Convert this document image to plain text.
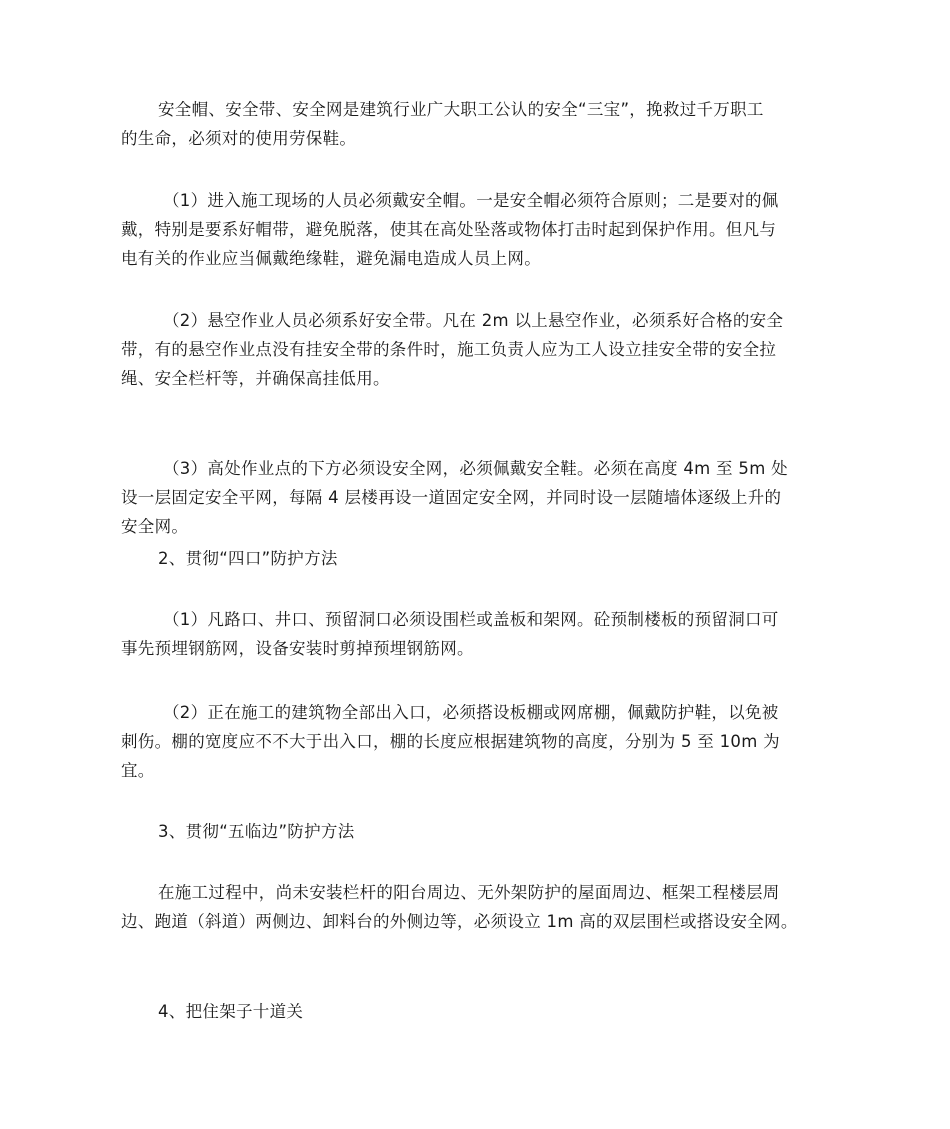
安全帽、安全带、安全网是建筑行业广大职工公认的安全“三宝”，挽救过千万职工
的生命，必须对的使用劳保鞋。
（1）进入施工现场的人员必须戴安全帽。一是安全帽必须符合原则；二是要对的佩
戴，特别是要系好帽带，避免脱落，使其在高处坠落或物体打击时起到保护作用。但凡与
电有关的作业应当佩戴绝缘鞋，避免漏电造成人员上网。
（2）悬空作业人员必须系好安全带。凡在 2m 以上悬空作业，必须系好合格的安全
带，有的悬空作业点没有挂安全带的条件时，施工负责人应为工人设立挂安全带的安全拉
绳、安全栏杆等，并确保高挂低用。
（3）高处作业点的下方必须设安全网，必须佩戴安全鞋。必须在高度 4m 至 5m 处
设一层固定安全平网，每隔 4 层楼再设一道固定安全网，并同时设一层随墙体逐级上升的
安全网。
2、贯彻“四口”防护方法
（1）凡路口、井口、预留洞口必须设围栏或盖板和架网。砼预制楼板的预留洞口可
事先预埋钢筋网，设备安装时剪掉预埋钢筋网。
（2）正在施工的建筑物全部出入口，必须搭设板棚或网席棚，佩戴防护鞋，以免被
刺伤。棚的宽度应不不大于出入口，棚的长度应根据建筑物的高度，分别为 5 至 10m 为
宜。
3、贯彻“五临边”防护方法
在施工过程中，尚未安装栏杆的阳台周边、无外架防护的屋面周边、框架工程楼层周
边、跑道（斜道）两侧边、卸料台的外侧边等，必须设立 1m 高的双层围栏或搭设安全网。
4、把住架子十道关
